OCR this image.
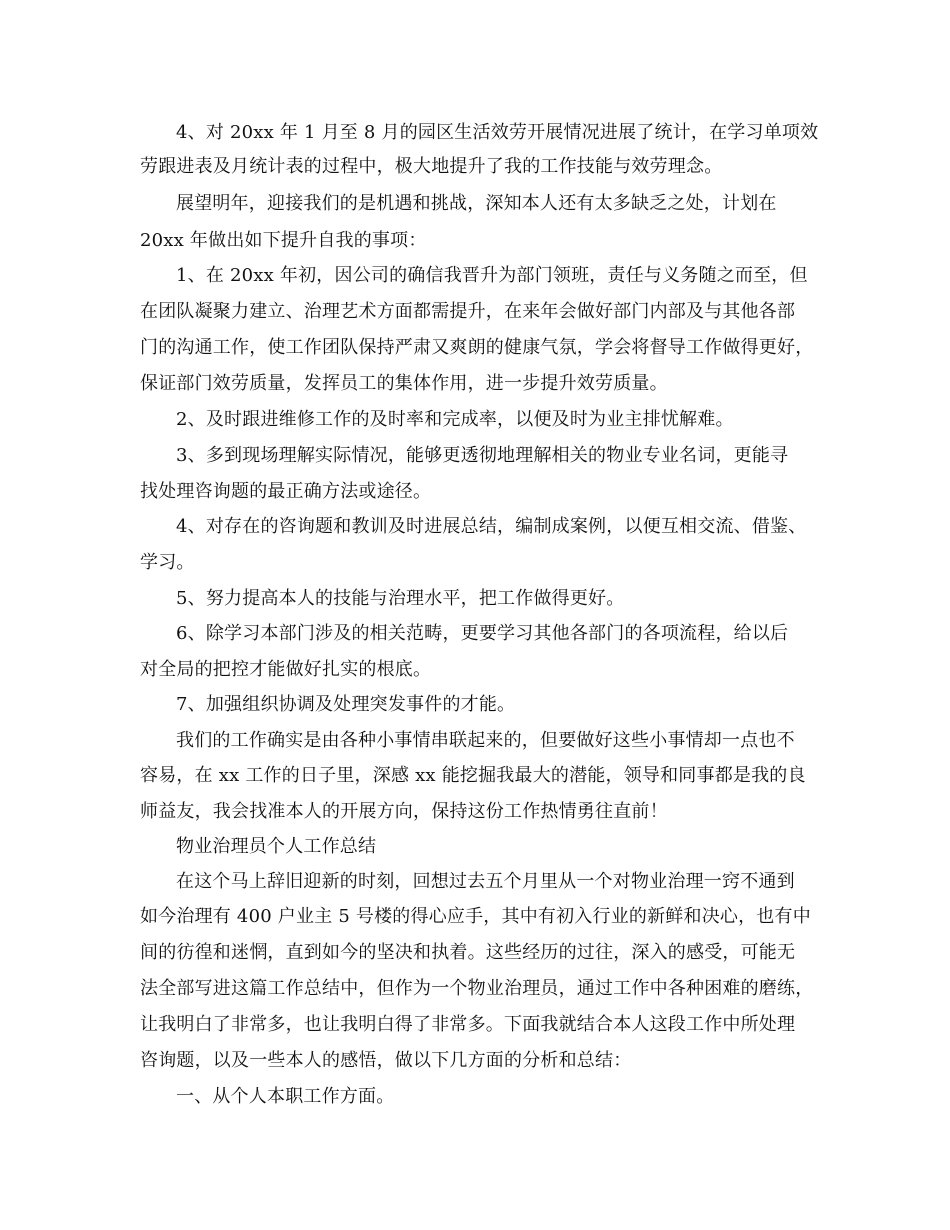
4、对 20xx 年 1 月至 8 月的园区生活效劳开展情况进展了统计，在学习单项效
劳跟进表及月统计表的过程中，极大地提升了我的工作技能与效劳理念。
展望明年，迎接我们的是机遇和挑战，深知本人还有太多缺乏之处，计划在
20xx 年做出如下提升自我的事项：
1、在 20xx 年初，因公司的确信我晋升为部门领班，责任与义务随之而至，但
在团队凝聚力建立、治理艺术方面都需提升，在来年会做好部门内部及与其他各部
门的沟通工作，使工作团队保持严肃又爽朗的健康气氛，学会将督导工作做得更好，
保证部门效劳质量，发挥员工的集体作用，进一步提升效劳质量。
2、及时跟进维修工作的及时率和完成率，以便及时为业主排忧解难。
3、多到现场理解实际情况，能够更透彻地理解相关的物业专业名词，更能寻
找处理咨询题的最正确方法或途径。
4、对存在的咨询题和教训及时进展总结，编制成案例，以便互相交流、借鉴、
学习。
5、努力提高本人的技能与治理水平，把工作做得更好。
6、除学习本部门涉及的相关范畴，更要学习其他各部门的各项流程，给以后
对全局的把控才能做好扎实的根底。
7、加强组织协调及处理突发事件的才能。
我们的工作确实是由各种小事情串联起来的，但要做好这些小事情却一点也不
容易，在 xx 工作的日子里，深感 xx 能挖掘我最大的潜能，领导和同事都是我的良
师益友，我会找准本人的开展方向，保持这份工作热情勇往直前！
物业治理员个人工作总结
在这个马上辞旧迎新的时刻，回想过去五个月里从一个对物业治理一窍不通到
如今治理有 400 户业主 5 号楼的得心应手，其中有初入行业的新鲜和决心，也有中
间的彷徨和迷惘，直到如今的坚决和执着。这些经历的过往，深入的感受，可能无
法全部写进这篇工作总结中，但作为一个物业治理员，通过工作中各种困难的磨练，
让我明白了非常多，也让我明白得了非常多。下面我就结合本人这段工作中所处理
咨询题，以及一些本人的感悟，做以下几方面的分析和总结：
一、从个人本职工作方面。
